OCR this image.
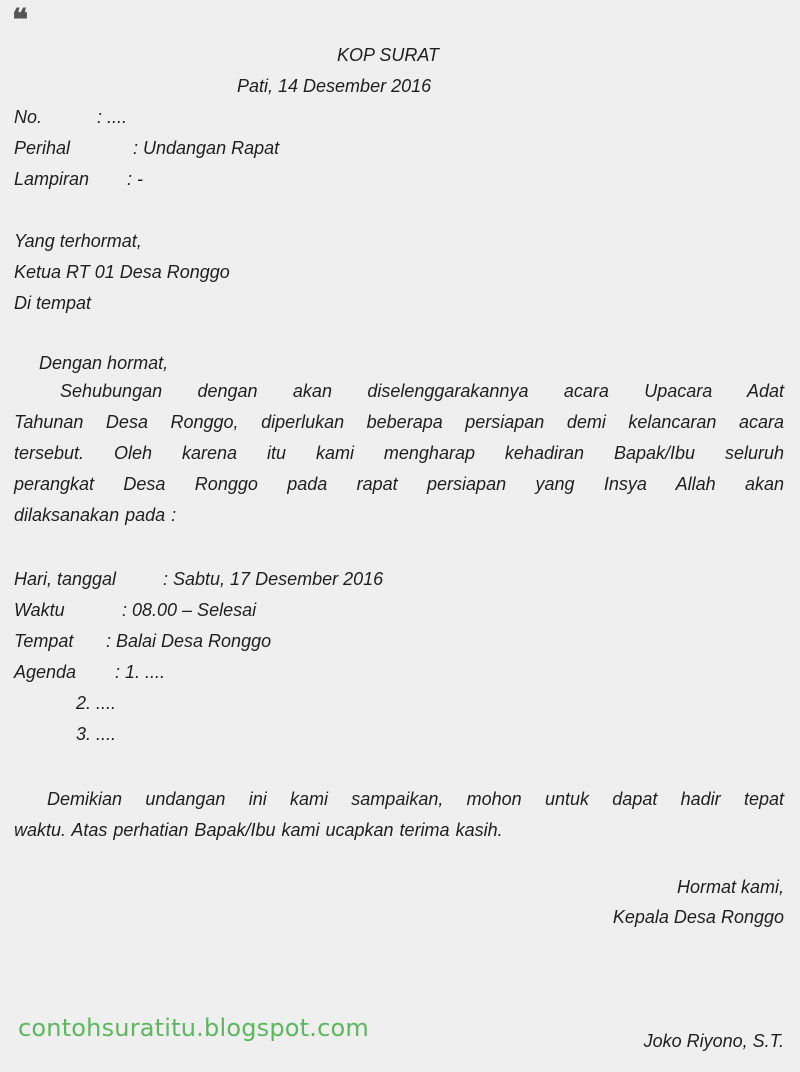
❝

KOP SURAT

Pati, 14 Desember 2016

No.	: ....

Perihal	: Undangan Rapat

Lampiran : -

Yang terhormat,

Ketua RT 01 Desa Ronggo

Di tempat

Dengan hormat,

Sehubungan dengan akan diselenggarakannya acara Upacara Adat

Tahunan Desa Ronggo, diperlukan beberapa persiapan demi kelancaran acara

tersebut. Oleh karena itu kami mengharap kehadiran Bapak/Ibu seluruh

perangkat Desa Ronggo pada rapat persiapan yang Insya Allah akan

dilaksanakan pada :

Hari, tanggal	: Sabtu, 17 Desember 2016

Waktu	: 08.00 – Selesai

Tempat : Balai Desa Ronggo

Agenda : 1. ....

2. ....

3. ....

Demikian undangan ini kami sampaikan, mohon untuk dapat hadir tepat

waktu. Atas perhatian Bapak/Ibu kami ucapkan terima kasih.

Hormat kami,

Kepala Desa Ronggo

Joko Riyono, S.T.

contohsuratitu.blogspot.com
